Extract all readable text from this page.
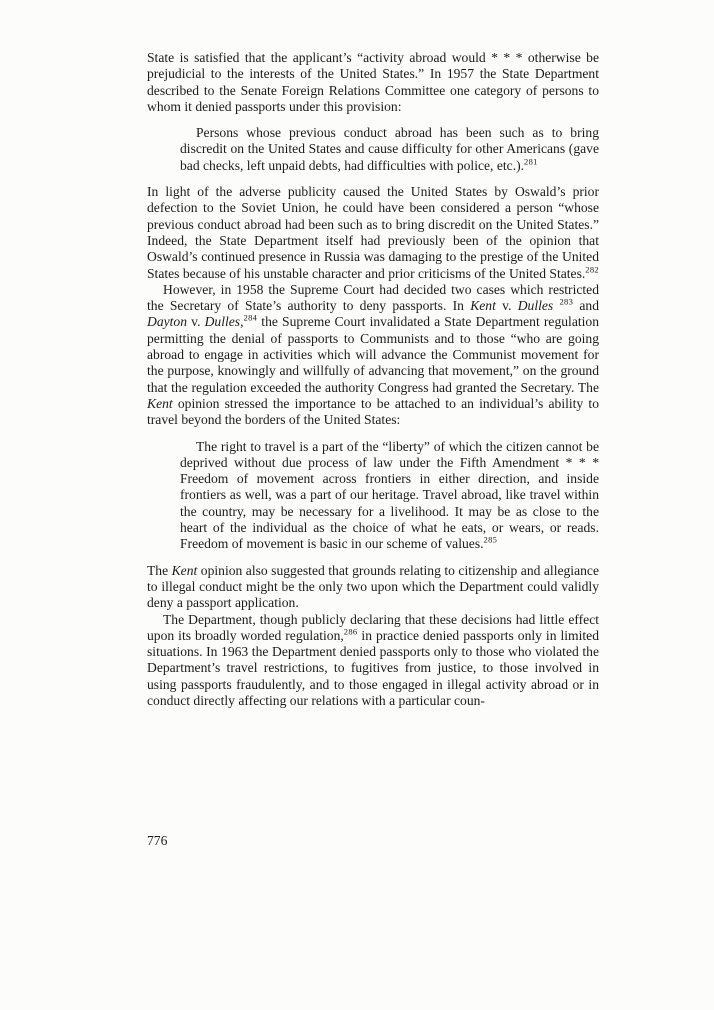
State is satisfied that the applicant’s “activity abroad would * * * otherwise be prejudicial to the interests of the United States.” In 1957 the State Department described to the Senate Foreign Relations Committee one category of persons to whom it denied passports under this provision:

Persons whose previous conduct abroad has been such as to bring discredit on the United States and cause difficulty for other Americans (gave bad checks, left unpaid debts, had difficulties with police, etc.).$^{281}$

In light of the adverse publicity caused the United States by Oswald’s prior defection to the Soviet Union, he could have been considered a person “whose previous conduct abroad had been such as to bring discredit on the United States.” Indeed, the State Department itself had previously been of the opinion that Oswald’s continued presence in Russia was damaging to the prestige of the United States because of his unstable character and prior criticisms of the United States.$^{282}$

However, in 1958 the Supreme Court had decided two cases which restricted the Secretary of State’s authority to deny passports. In Kent v. Dulles $^{283}$ and Dayton v. Dulles,$^{284}$ the Supreme Court invalidated a State Department regulation permitting the denial of passports to Communists and to those “who are going abroad to engage in activities which will advance the Communist movement for the purpose, knowingly and willfully of advancing that movement,” on the ground that the regulation exceeded the authority Congress had granted the Secretary. The Kent opinion stressed the importance to be attached to an individual’s ability to travel beyond the borders of the United States:

The right to travel is a part of the “liberty” of which the citizen cannot be deprived without due process of law under the Fifth Amendment * * * Freedom of movement across frontiers in either direction, and inside frontiers as well, was a part of our heritage. Travel abroad, like travel within the country, may be necessary for a livelihood. It may be as close to the heart of the individual as the choice of what he eats, or wears, or reads. Freedom of movement is basic in our scheme of values.$^{285}$

The Kent opinion also suggested that grounds relating to citizenship and allegiance to illegal conduct might be the only two upon which the Department could validly deny a passport application.

The Department, though publicly declaring that these decisions had little effect upon its broadly worded regulation,$^{286}$ in practice denied passports only in limited situations. In 1963 the Department denied passports only to those who violated the Department’s travel restrictions, to fugitives from justice, to those involved in using passports fraudulently, and to those engaged in illegal activity abroad or in conduct directly affecting our relations with a particular coun-

776
